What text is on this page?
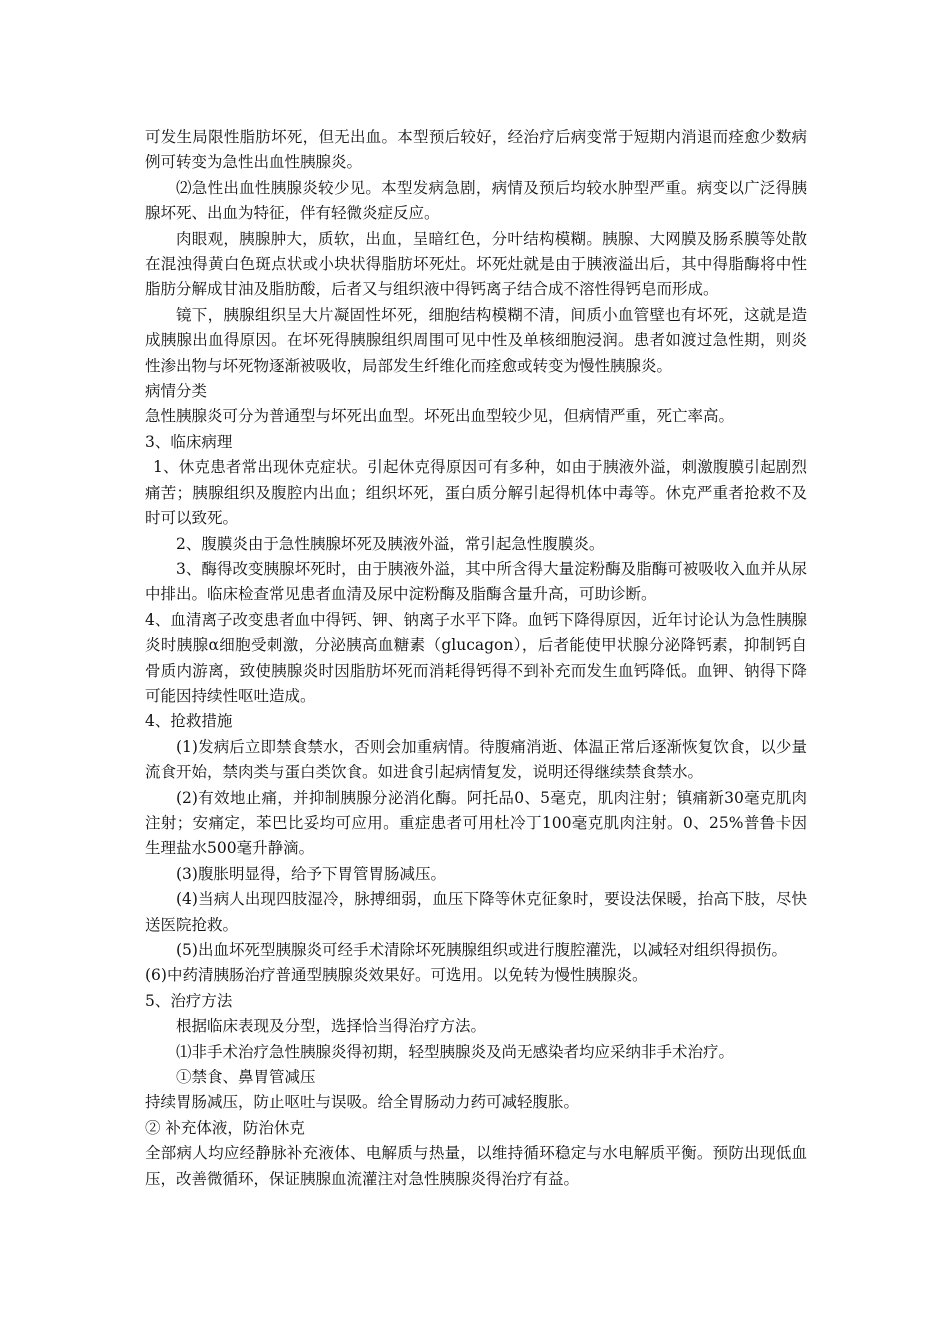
可发生局限性脂肪坏死，但无出血。本型预后较好，经治疗后病变常于短期内消退而痊愈少数病例可转变为急性出血性胰腺炎。

⑵急性出血性胰腺炎较少见。本型发病急剧，病情及预后均较水肿型严重。病变以广泛得胰腺坏死、出血为特征，伴有轻微炎症反应。

肉眼观，胰腺肿大，质软，出血，呈暗红色，分叶结构模糊。胰腺、大网膜及肠系膜等处散在混浊得黄白色斑点状或小块状得脂肪坏死灶。坏死灶就是由于胰液溢出后，其中得脂酶将中性脂肪分解成甘油及脂肪酸，后者又与组织液中得钙离子结合成不溶性得钙皂而形成。

镜下，胰腺组织呈大片凝固性坏死，细胞结构模糊不清，间质小血管壁也有坏死，这就是造成胰腺出血得原因。在坏死得胰腺组织周围可见中性及单核细胞浸润。患者如渡过急性期，则炎性渗出物与坏死物逐渐被吸收，局部发生纤维化而痊愈或转变为慢性胰腺炎。

病情分类

急性胰腺炎可分为普通型与坏死出血型。坏死出血型较少见，但病情严重，死亡率高。

3、临床病理

1、休克患者常出现休克症状。引起休克得原因可有多种，如由于胰液外溢，刺激腹膜引起剧烈痛苦；胰腺组织及腹腔内出血；组织坏死，蛋白质分解引起得机体中毒等。休克严重者抢救不及时可以致死。

2、腹膜炎由于急性胰腺坏死及胰液外溢，常引起急性腹膜炎。

3、酶得改变胰腺坏死时，由于胰液外溢，其中所含得大量淀粉酶及脂酶可被吸收入血并从尿中排出。临床检查常见患者血清及尿中淀粉酶及脂酶含量升高，可助诊断。

4、血清离子改变患者血中得钙、钾、钠离子水平下降。血钙下降得原因，近年讨论认为急性胰腺炎时胰腺α细胞受刺激，分泌胰高血糖素（glucagon），后者能使甲状腺分泌降钙素，抑制钙自骨质内游离，致使胰腺炎时因脂肪坏死而消耗得钙得不到补充而发生血钙降低。血钾、钠得下降可能因持续性呕吐造成。

4、抢救措施

(1)发病后立即禁食禁水，否则会加重病情。待腹痛消逝、体温正常后逐渐恢复饮食，以少量流食开始，禁肉类与蛋白类饮食。如进食引起病情复发，说明还得继续禁食禁水。

(2)有效地止痛，并抑制胰腺分泌消化酶。阿托品0、5毫克，肌肉注射；镇痛新30毫克肌肉注射；安痛定，苯巴比妥均可应用。重症患者可用杜冷丁100毫克肌肉注射。0、25%普鲁卡因生理盐水500毫升静滴。

(3)腹胀明显得，给予下胃管胃肠减压。

(4)当病人出现四肢湿冷，脉搏细弱，血压下降等休克征象时，要设法保暖，抬高下肢，尽快送医院抢救。

(5)出血坏死型胰腺炎可经手术清除坏死胰腺组织或进行腹腔灌洗，以减轻对组织得损伤。

(6)中药清胰肠治疗普通型胰腺炎效果好。可选用。以免转为慢性胰腺炎。

5、治疗方法

根据临床表现及分型，选择恰当得治疗方法。

⑴非手术治疗急性胰腺炎得初期，轻型胰腺炎及尚无感染者均应采纳非手术治疗。

①禁食、鼻胃管减压

持续胃肠减压，防止呕吐与误吸。给全胃肠动力药可减轻腹胀。

② 补充体液，防治休克

全部病人均应经静脉补充液体、电解质与热量，以维持循环稳定与水电解质平衡。预防出现低血压，改善微循环，保证胰腺血流灌注对急性胰腺炎得治疗有益。
